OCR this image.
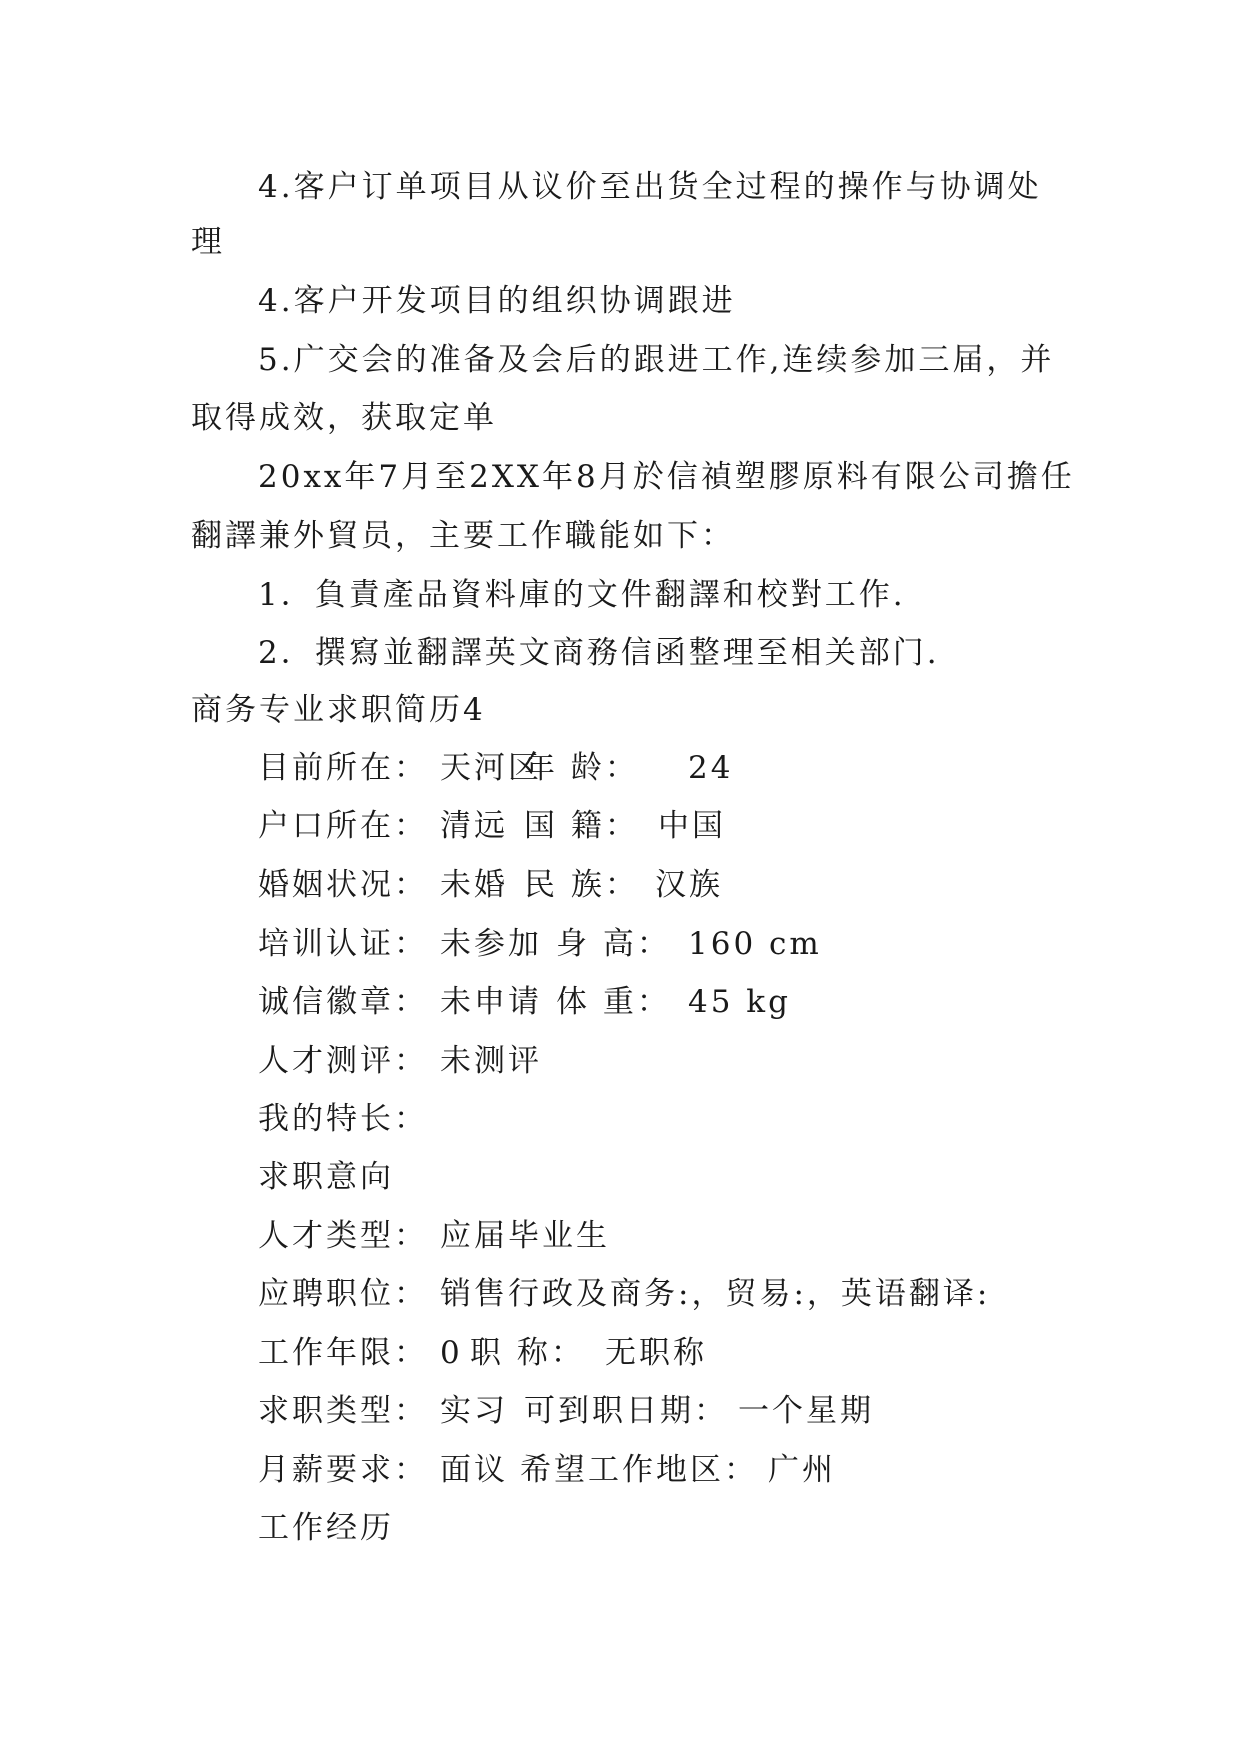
4.客户订单项目从议价至出货全过程的操作与协调处
理
4.客户开发项目的组织协调跟进
5.广交会的准备及会后的跟进工作,连续参加三届，并
取得成效，获取定单
20xx年7月至2XX年8月於信禎塑膠原料有限公司擔任
翻譯兼外貿员，主要工作職能如下：
1．負責產品資料庫的文件翻譯和校對工作.
2．撰寫並翻譯英文商務信函整理至相关部门.
商务专业求职简历4
目前所在： 天河区
年 龄： 24
户口所在： 清远 国 籍： 中国
婚姻状况： 未婚 民 族： 汉族
培训认证： 未参加 身 高： 160 cm
诚信徽章： 未申请 体 重： 45 kg
人才测评： 未测评
我的特长：
求职意向
人才类型： 应届毕业生
应聘职位： 销售行政及商务:，贸易:，英语翻译:
工作年限： 0 职 称： 无职称
求职类型： 实习 可到职日期： 一个星期
月薪要求： 面议 希望工作地区： 广州
工作经历
